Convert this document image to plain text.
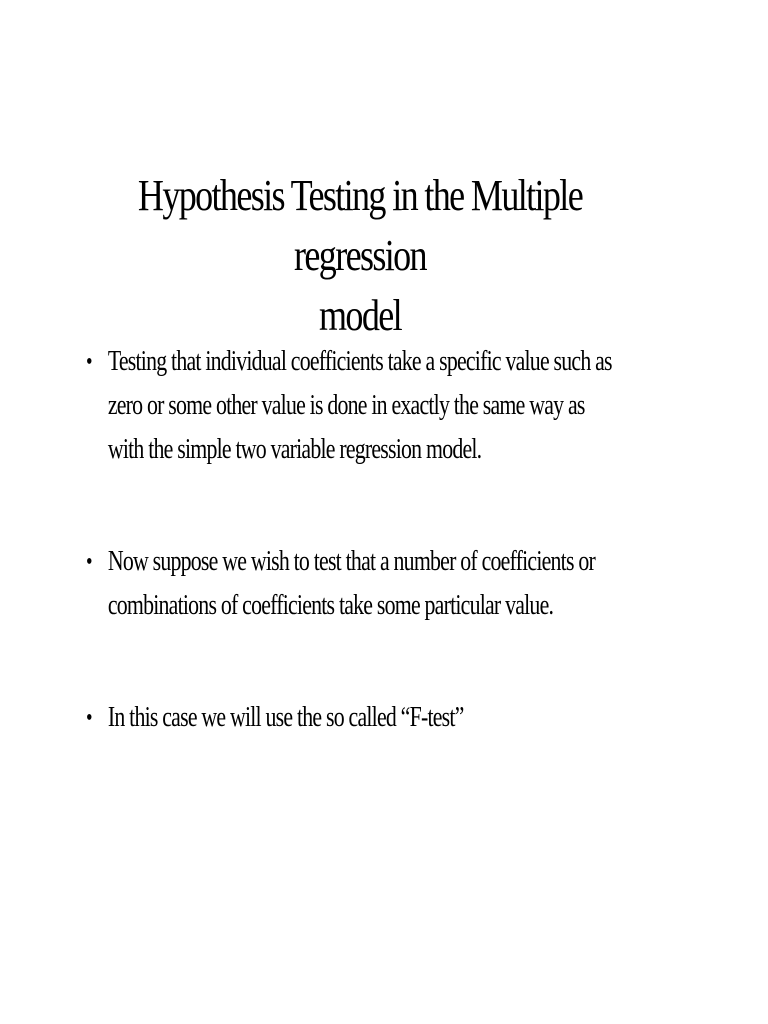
Hypothesis Testing in the Multiple regression
model
• Testing that individual coefficients take a specific value such as
zero or some other value is done in exactly the same way as
with the simple two variable regression model.
• Now suppose we wish to test that a number of coefficients or
combinations of coefficients take some particular value.
• In this case we will use the so called “F-test”
